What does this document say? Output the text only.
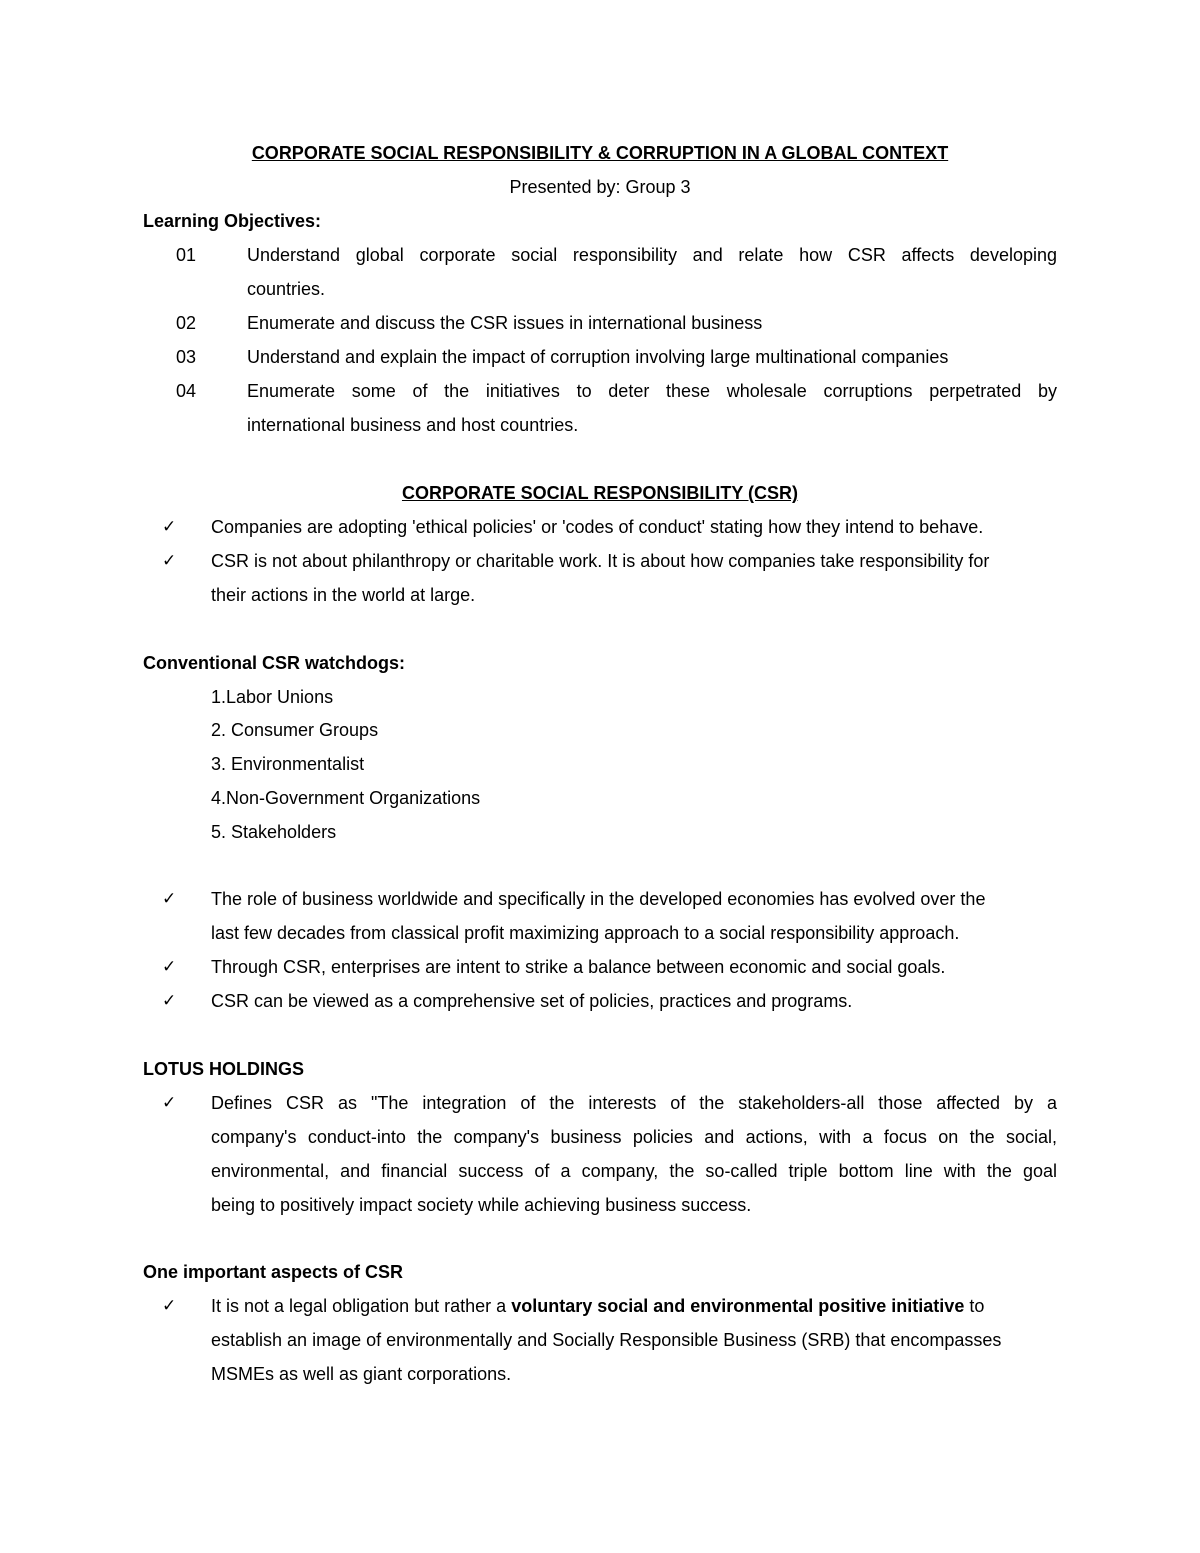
CORPORATE SOCIAL RESPONSIBILITY & CORRUPTION IN A GLOBAL CONTEXT
Presented by: Group 3
Learning Objectives:
01	Understand global corporate social responsibility and relate how CSR affects developing
countries.
02	Enumerate and discuss the CSR issues in international business
03	Understand and explain the impact of corruption involving large multinational companies
04	Enumerate some of the initiatives to deter these wholesale corruptions perpetrated by
international business and host countries.
CORPORATE SOCIAL RESPONSIBILITY (CSR)
✓ Companies are adopting 'ethical policies' or 'codes of conduct' stating how they intend to behave.
✓ CSR is not about philanthropy or charitable work. It is about how companies take responsibility for
their actions in the world at large.
Conventional CSR watchdogs:
1.Labor Unions
2. Consumer Groups
3. Environmentalist
4.Non-Government Organizations
5. Stakeholders
✓ The role of business worldwide and specifically in the developed economies has evolved over the
last few decades from classical profit maximizing approach to a social responsibility approach.
✓ Through CSR, enterprises are intent to strike a balance between economic and social goals.
✓ CSR can be viewed as a comprehensive set of policies, practices and programs.
LOTUS HOLDINGS
✓ Defines CSR as "The integration of the interests of the stakeholders-all those affected by a
company's conduct-into the company's business policies and actions, with a focus on the social,
environmental, and financial success of a company, the so-called triple bottom line with the goal
being to positively impact society while achieving business success.
One important aspects of CSR
✓ It is not a legal obligation but rather a voluntary social and environmental positive initiative to
establish an image of environmentally and Socially Responsible Business (SRB) that encompasses
MSMEs as well as giant corporations.
